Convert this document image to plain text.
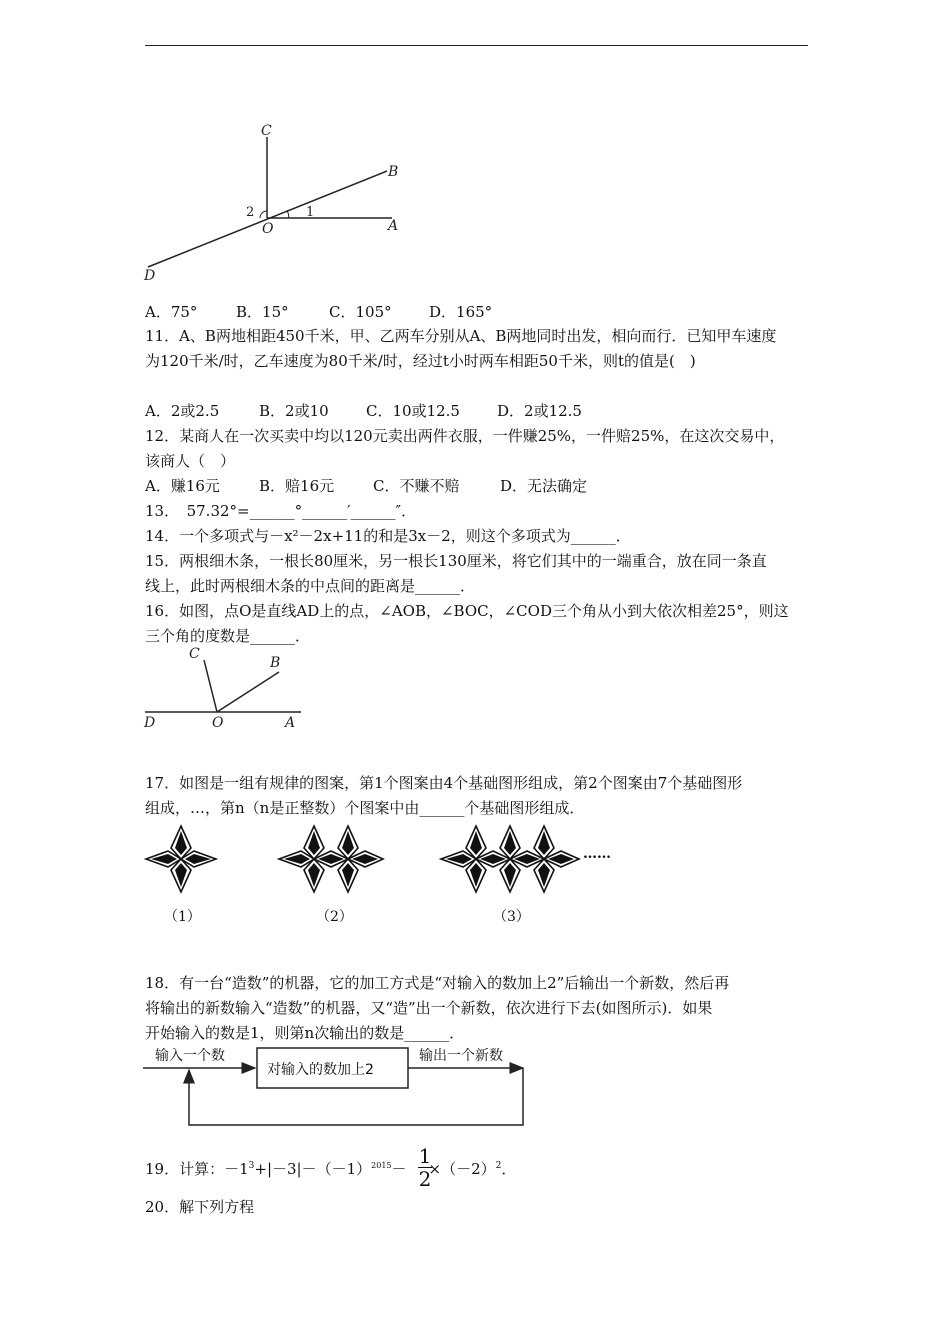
C
B
A
O
D
1
2
A．75°	B．15°	C．105° D．165°
11．A、B两地相距450千米，甲、乙两车分别从A、B两地同时出发，相向而行．已知甲车速度
为120千米/时，乙车速度为80千米/时，经过t小时两车相距50千米，则t的值是(　)
A．2或2.5	B．2或10 C．10或12.5 D．2或12.5
12．某商人在一次买卖中均以120元卖出两件衣服，一件赚25%，一件赔25%，在这次交易中，
该商人（　）
A．赚16元	B．赔16元	C．不赚不赔	D．无法确定
13．　57.32°=______°______′______″．
14．一个多项式与－x²－2x+11的和是3x－2，则这个多项式为______．
15．两根细木条，一根长80厘米，另一根长130厘米，将它们其中的一端重合，放在同一条直
线上，此时两根细木条的中点间的距离是______．
16．如图，点O是直线AD上的点，∠AOB，∠BOC，∠COD三个角从小到大依次相差25°，则这
三个角的度数是______．
C
B
D	O	A
17．如图是一组有规律的图案，第1个图案由4个基础图形组成，第2个图案由7个基础图形
组成，…，第n（n是正整数）个图案中由______个基础图形组成．
……
（1）	（2）	（3）
18．有一台“造数”的机器，它的加工方式是“对输入的数加上2”后输出一个新数，然后再
将输出的新数输入“造数”的机器，又“造”出一个新数，依次进行下去(如图所示)．如果
开始输入的数是1，则第n次输出的数是______．
输入一个数
对输入的数加上2
输出一个新数
19．计算：$-1^3+|-3|-(-1)^{2015}- \times(-2)^2$．
1
2
20．解下列方程
